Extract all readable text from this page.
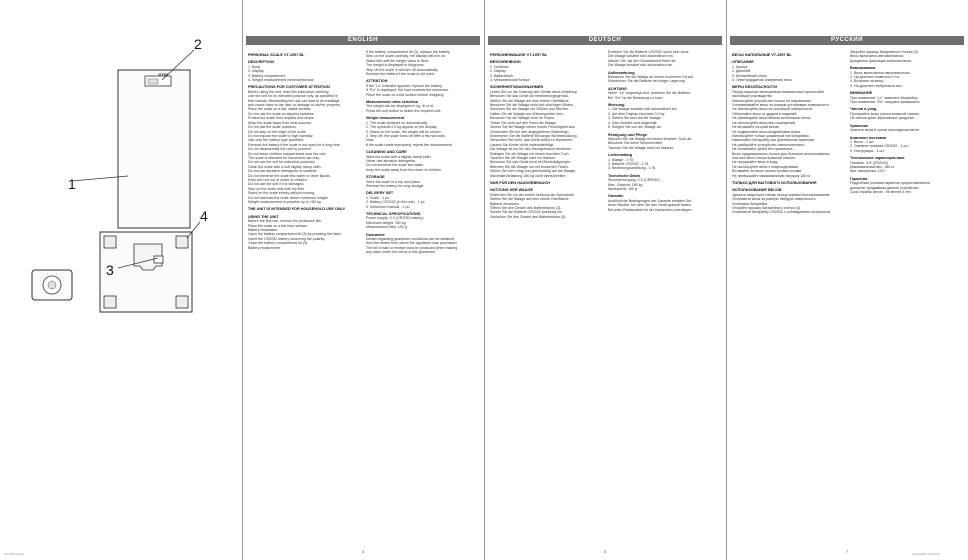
1
2
3
4
VITEK
VT-1957.indd 1
ENGLISH

PERSONAL SCALE VT-1957 BL

DESCRIPTION

1. Body

2. Display

3. Battery compartment

4. Weight measurement electrode/sensor

PRECAUTIONS FOR CUSTOMER ATTENTION

Before using the unit, read this instruction carefully.

Use the unit for its intended purpose only, as specified in

this manual. Mishandling the unit can lead to its breakage

and cause harm to the user or damage to his/her property.

Place the scale on a flat, stable surface.

Do not use the scale on slippery surfaces.

Protect the scale from impacts and drops.

Keep the scale away from heat sources.

Do not use the scale outdoors.

Do not step on the edge of the scale.

Do not expose the scale to high humidity.

Use only the battery type specified.

Remove the battery if the scale is not used for a long time.

Do not disassemble the unit by yourself.

Do not leave children unsupervised near the unit.

The scale is intended for household use only.

Do not use the unit for industrial purposes.

Clean the scale with a soft slightly damp cloth.

Do not use abrasive detergents or solvents.

Do not immerse the scale into water or other liquids.

Keep the unit out of reach of children.

Do not use the unit if it is damaged.

Step on the scale only with dry feet.

Stand on the scale evenly without moving.

Do not overload the scale above maximum weight.

Weight measurement is possible up to 180 kg.

THE UNIT IS INTENDED FOR HOUSEHOLD USE ONLY

USING THE UNIT

Before the first use, remove the protective film.

Place the scale on a flat hard surface.

Battery installation

Open the battery compartment lid (3) by pressing the latch.

Insert the CR2032 battery observing the polarity.

Close the battery compartment lid (3).

Battery replacement

If the battery compartment lid (3), replace the battery.

Step on the scale carefully, the display will turn on.

Stand still until the weight value is fixed.

The weight is displayed in kilograms.

Step off the scale, it will turn off automatically.

Remove the battery if the scale is not used.

ATTENTION

If the "Lo" indicator appears, replace the battery.

If "Err" is displayed, the load exceeds the maximum.

Place the scale on a flat surface before weighing.

Measurement units selection

The weight can be displayed in kg, lb or st.

Press the unit button to select the required unit.

Weight measurement

1. The scale switches on automatically.

2. The symbols 0.0 kg appear on the display.

3. Stand on the scale, the weight will be shown.

4. Step off, the scale turns off after a few seconds.

Note

If the scale reads improperly, repeat the measurement.

CLEANING AND CARE

Wipe the scale with a slightly damp cloth.

Never use abrasive detergents.

Do not immerse the scale into water.

Keep the scale away from the reach of children.

STORAGE

Store the scale in a dry cool place.

Remove the battery for long storage.

DELIVERY SET

1. Scale - 1 pc.

2. Battery CR2032 (in the unit) - 1 pc.

3. Instruction manual - 1 pc.

TECHNICAL SPECIFICATIONS

Power supply: 3 V (CR2032 battery)

Maximum weight: 180 kg

Measurement step: 100 g

Guarantee

Details regarding guarantee conditions can be obtained

from the dealer from whom the appliance was purchased.

The bill of sale or receipt must be produced when making

any claim under the terms of this guarantee.

3
DEUTSCH

PERSONENWAAGE VT-1957 BL

BESCHREIBUNG

1. Gehäuse

2. Display

3. Batteriefach

4. Messelektrode/Sensor

SICHERHEITSMASSNAHMEN

Lesen Sie vor der Nutzung des Geräts diese Anleitung.

Benutzen Sie das Gerät nur bestimmungsgemäß.

Stellen Sie die Waage auf eine ebene Oberfläche.

Benutzen Sie die Waage nicht auf rutschigen Böden.

Schützen Sie die Waage vor Stößen und Stürzen.

Halten Sie die Waage von Wärmequellen fern.

Benutzen Sie die Waage nicht im Freien.

Treten Sie nicht auf den Rand der Waage.

Setzen Sie die Waage keiner hohen Feuchtigkeit aus.

Verwenden Sie nur den angegebenen Batterietyp.

Entnehmen Sie die Batterie bei langer Nichtbenutzung.

Versuchen Sie nicht, das Gerät selbst zu reparieren.

Lassen Sie Kinder nicht unbeaufsichtigt.

Die Waage ist nur für den Hausgebrauch bestimmt.

Reinigen Sie die Waage mit einem feuchten Tuch.

Tauchen Sie die Waage nicht ins Wasser.

Benutzen Sie das Gerät nicht bei Beschädigungen.

Betreten Sie die Waage nur mit trockenen Füßen.

Stellen Sie sich ruhig und gleichmäßig auf die Waage.

Maximale Belastung 180 kg nicht überschreiten.

NUR FÜR DEN HAUSGEBRAUCH

NUTZUNG DER WAAGE

Entfernen Sie vor der ersten Nutzung die Schutzfolie.

Stellen Sie die Waage auf eine ebene Oberfläche.

Batterie einsetzen

Öffnen Sie den Deckel des Batteriefachs (3).

Setzen Sie die Batterie CR2032 polrichtig ein.

Schließen Sie den Deckel des Batteriefachs (3).

Ersetzen Sie die Batterie CR2032 durch eine neue.

Die Waage schaltet sich automatisch ein.

Warten Sie, bis der Gewichtswert fixiert ist.

Die Waage schaltet sich automatisch ab.

Aufbewahrung

Bewahren Sie die Waage an einem trockenen Ort auf.

Entnehmen Sie die Batterie bei langer Lagerung.

ACHTUNG

Wenn "Lo" angezeigt wird, ersetzen Sie die Batterie.

Bei "Err" ist die Belastung zu hoch.

Messung

1. Die Waage schaltet sich automatisch ein.

2. Auf dem Display erscheint 0.0 kg.

3. Stellen Sie sich auf die Waage.

4. Das Gewicht wird angezeigt.

5. Steigen Sie von der Waage ab.

Reinigung und Pflege

Wischen Sie die Waage mit einem feuchten Tuch ab.

Benutzen Sie keine Scheuermittel.

Tauchen Sie die Waage nicht ins Wasser.

Lieferumfang

1. Waage - 1 St.

2. Batterie CR2032 - 1 St.

3. Bedienungsanleitung - 1 St.

Technische Daten

Stromversorgung: 3 V (CR2032)

Max. Gewicht: 180 kg

Messschritt: 100 g

Garantie

Ausführliche Bedingungen der Garantie erhalten Sie

beim Händler, bei dem Sie das Gerät gekauft haben.

Bei jeder Reklamation ist der Kassenbon vorzulegen.

5
РУССКИЙ

ВЕСЫ НАПОЛЬНЫЕ VT-1957 BL

ОПИСАНИЕ

1. Корпус

2. Дисплей

3. Батарейный отсек

4. Электрод/датчик измерения веса

МЕРЫ БЕЗОПАСНОСТИ

Перед началом эксплуатации внимательно прочитайте

настоящее руководство.

Используйте устройство только по назначению.

Устанавливайте весы на ровную устойчивую поверхность.

Не используйте весы на скользкой поверхности.

Оберегайте весы от ударов и падений.

Не размещайте весы вблизи источников тепла.

Не используйте весы вне помещений.

Не вставайте на край весов.

Не подвергайте весы воздействию влаги.

Используйте только указанный тип батарейки.

Извлекайте батарейку при длительном хранении.

Не разбирайте устройство самостоятельно.

Не оставляйте детей без присмотра.

Весы предназначены только для бытового использования.

Чистите весы слегка влажной тканью.

Не погружайте весы в воду.

Не используйте весы с повреждениями.

Вставайте на весы только сухими ногами.

Не превышайте максимальную нагрузку 180 кг.

ТОЛЬКО ДЛЯ БЫТОВОГО ИСПОЛЬЗОВАНИЯ

ИСПОЛЬЗОВАНИЕ ВЕСОВ

Удалите защитную плёнку перед первым использованием.

Установите весы на ровную твёрдую поверхность.

Установка батарейки

Откройте крышку батарейного отсека (3).

Установите батарейку CR2032 с соблюдением полярности.

Закройте крышку батарейного отсека (3).

Весы включатся автоматически.

Дождитесь фиксации значения веса.

Взвешивание

1. Весы включаются автоматически.

2. На дисплее появится 0.0 кг.

3. Встаньте на весы.

4. На дисплее отобразится вес.

ВНИМАНИЕ

При появлении "Lo" замените батарейку.

При появлении "Err" нагрузка превышена.

Чистка и уход

Протирайте весы слегка влажной тканью.

Не используйте абразивные средства.

Хранение

Храните весы в сухом прохладном месте.

Комплект поставки

1. Весы - 1 шт.

2. Элемент питания CR2032 - 1 шт.

3. Инструкция - 1 шт.

Технические характеристики

Питание: 3 В (CR2032)

Максимальный вес: 180 кг

Шаг измерения: 100 г

Гарантия

Подробные условия гарантии предоставляются

дилером, продавшим данное устройство.

Срок службы весов - не менее 5 лет.

7	10.12.2021 13:24:31
